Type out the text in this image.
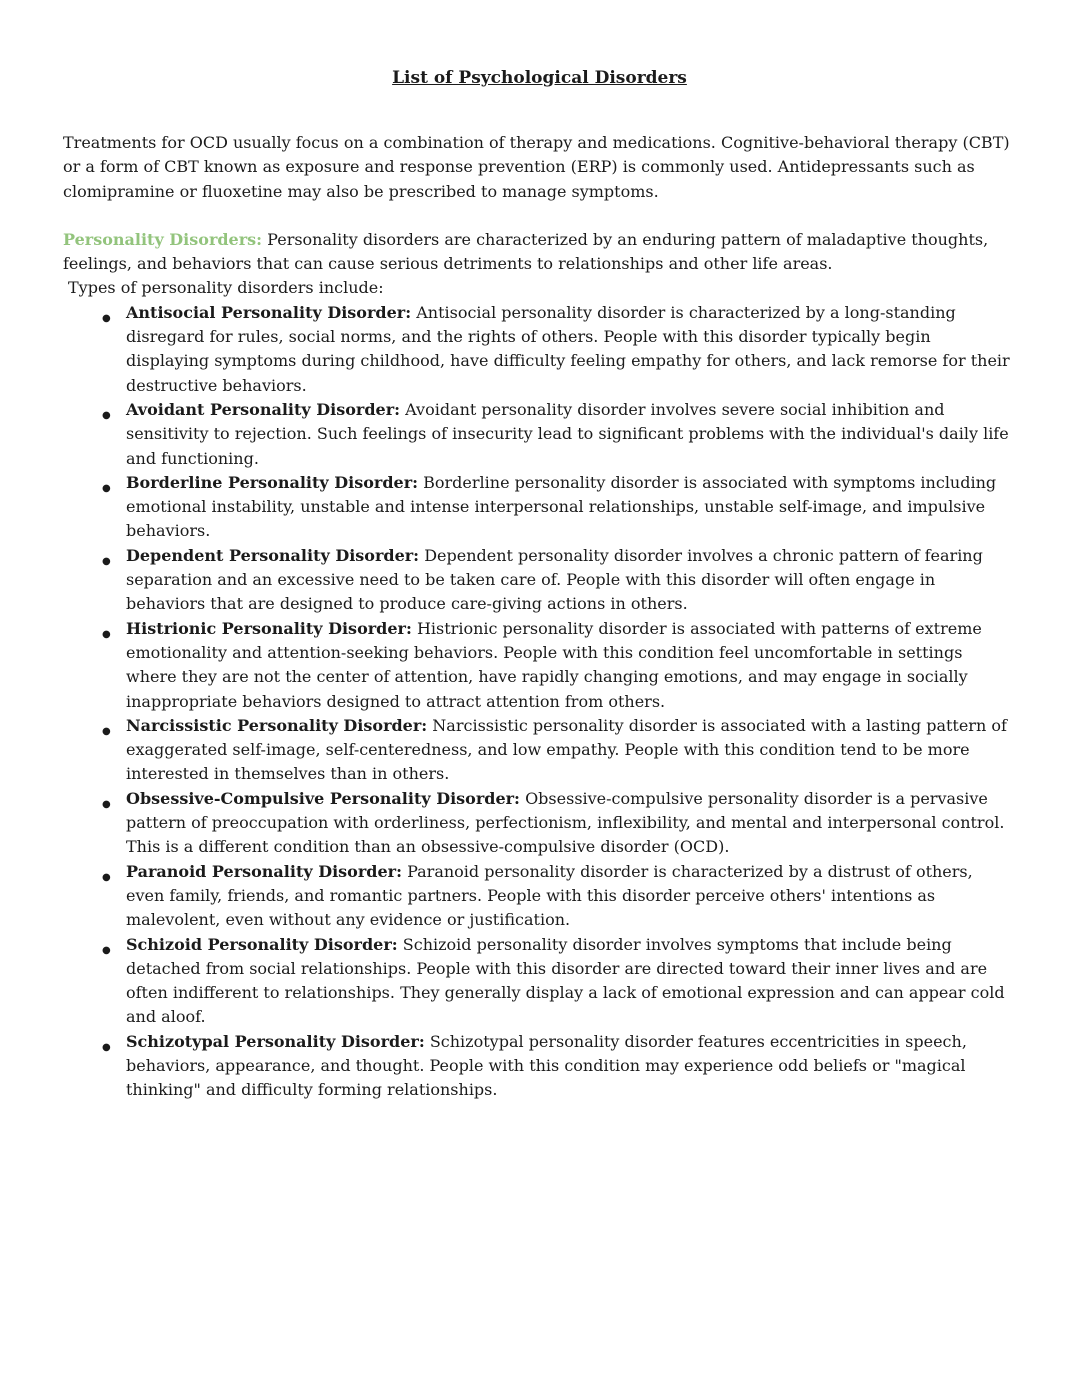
List of Psychological Disorders

Treatments for OCD usually focus on a combination of therapy and medications. Cognitive-behavioral therapy (CBT) or a form of CBT known as exposure and response prevention (ERP) is commonly used. Antidepressants such as clomipramine or fluoxetine may also be prescribed to manage symptoms.

Personality Disorders: Personality disorders are characterized by an enduring pattern of maladaptive thoughts, feelings, and behaviors that can cause serious detriments to relationships and other life areas.

Types of personality disorders include:

● Antisocial Personality Disorder: Antisocial personality disorder is characterized by a long-standing disregard for rules, social norms, and the rights of others. People with this disorder typically begin displaying symptoms during childhood, have difficulty feeling empathy for others, and lack remorse for their destructive behaviors.
● Avoidant Personality Disorder: Avoidant personality disorder involves severe social inhibition and sensitivity to rejection. Such feelings of insecurity lead to significant problems with the individual's daily life and functioning.
● Borderline Personality Disorder: Borderline personality disorder is associated with symptoms including emotional instability, unstable and intense interpersonal relationships, unstable self-image, and impulsive behaviors.
● Dependent Personality Disorder: Dependent personality disorder involves a chronic pattern of fearing separation and an excessive need to be taken care of. People with this disorder will often engage in behaviors that are designed to produce care-giving actions in others.
● Histrionic Personality Disorder: Histrionic personality disorder is associated with patterns of extreme emotionality and attention-seeking behaviors. People with this condition feel uncomfortable in settings where they are not the center of attention, have rapidly changing emotions, and may engage in socially inappropriate behaviors designed to attract attention from others.
● Narcissistic Personality Disorder: Narcissistic personality disorder is associated with a lasting pattern of exaggerated self-image, self-centeredness, and low empathy. People with this condition tend to be more interested in themselves than in others.
● Obsessive-Compulsive Personality Disorder: Obsessive-compulsive personality disorder is a pervasive pattern of preoccupation with orderliness, perfectionism, inflexibility, and mental and interpersonal control. This is a different condition than an obsessive-compulsive disorder (OCD).
● Paranoid Personality Disorder: Paranoid personality disorder is characterized by a distrust of others, even family, friends, and romantic partners. People with this disorder perceive others' intentions as malevolent, even without any evidence or justification.
● Schizoid Personality Disorder: Schizoid personality disorder involves symptoms that include being detached from social relationships. People with this disorder are directed toward their inner lives and are often indifferent to relationships. They generally display a lack of emotional expression and can appear cold and aloof.
● Schizotypal Personality Disorder: Schizotypal personality disorder features eccentricities in speech, behaviors, appearance, and thought. People with this condition may experience odd beliefs or "magical thinking" and difficulty forming relationships.
